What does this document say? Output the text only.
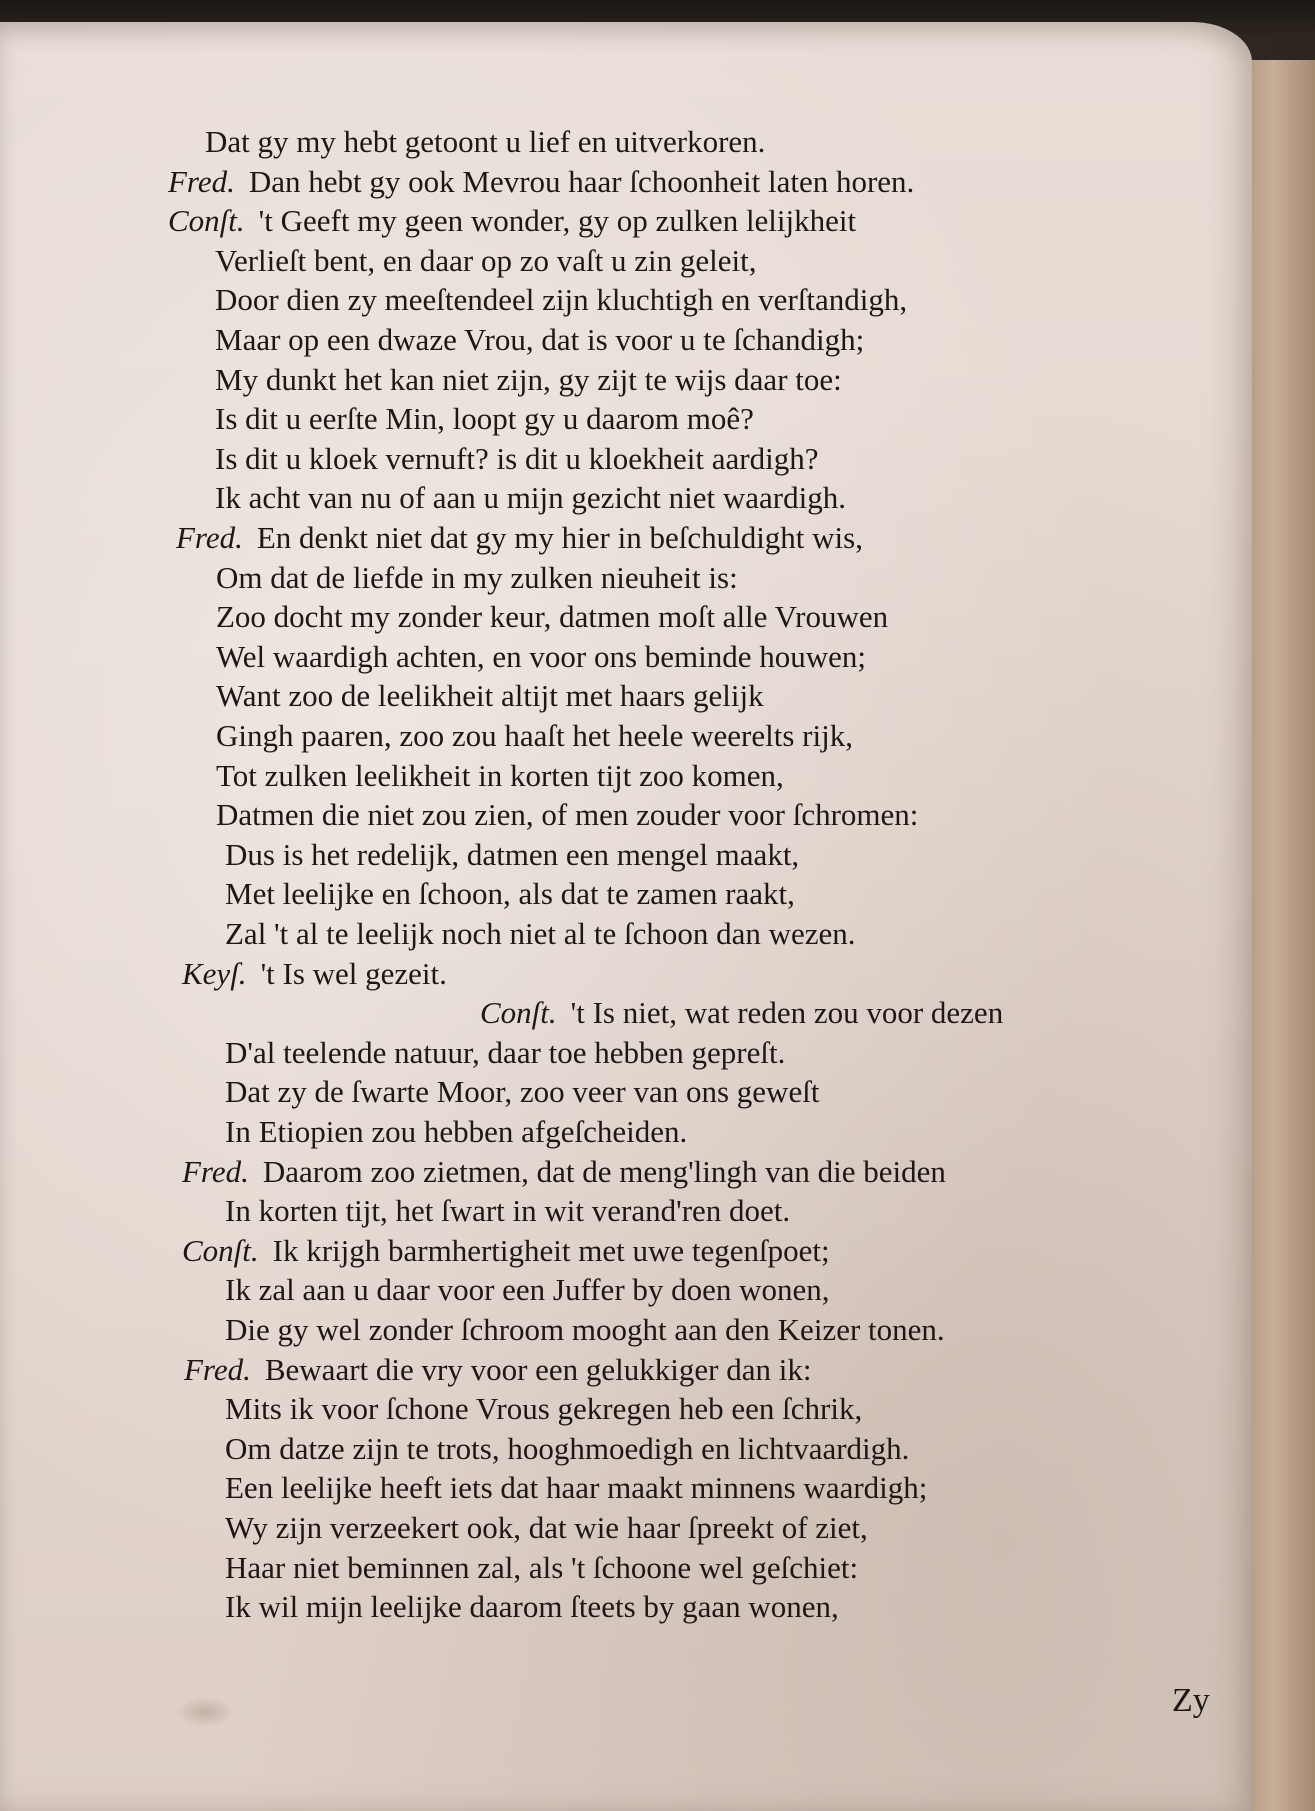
Dat gy my hebt getoont u lief en uitverkoren.
Fred. Dan hebt gy ook Mevrou haar ſchoonheit laten horen.
Conſt. 't Geeft my geen wonder, gy op zulken lelijkheit
Verlieſt bent, en daar op zo vaſt u zin geleit,
Door dien zy meeſtendeel zijn kluchtigh en verſtandigh,
Maar op een dwaze Vrou, dat is voor u te ſchandigh;
My dunkt het kan niet zijn, gy zijt te wijs daar toe:
Is dit u eerſte Min, loopt gy u daarom moê?
Is dit u kloek vernuft? is dit u kloekheit aardigh?
Ik acht van nu of aan u mijn gezicht niet waardigh.
Fred. En denkt niet dat gy my hier in beſchuldight wis,
Om dat de liefde in my zulken nieuheit is:
Zoo docht my zonder keur, datmen moſt alle Vrouwen
Wel waardigh achten, en voor ons beminde houwen;
Want zoo de leelikheit altijt met haars gelijk
Gingh paaren, zoo zou haaſt het heele weerelts rijk,
Tot zulken leelikheit in korten tijt zoo komen,
Datmen die niet zou zien, of men zouder voor ſchromen:
Dus is het redelijk, datmen een mengel maakt,
Met leelijke en ſchoon, als dat te zamen raakt,
Zal 't al te leelijk noch niet al te ſchoon dan wezen.
Keyſ. 't Is wel gezeit.
Conſt. 't Is niet, wat reden zou voor dezen
D'al teelende natuur, daar toe hebben gepreſt.
Dat zy de ſwarte Moor, zoo veer van ons geweſt
In Etiopien zou hebben afgeſcheiden.
Fred. Daarom zoo zietmen, dat de meng'lingh van die beiden
In korten tijt, het ſwart in wit verand'ren doet.
Conſt. Ik krijgh barmhertigheit met uwe tegenſpoet;
Ik zal aan u daar voor een Juffer by doen wonen,
Die gy wel zonder ſchroom mooght aan den Keizer tonen.
Fred. Bewaart die vry voor een gelukkiger dan ik:
Mits ik voor ſchone Vrous gekregen heb een ſchrik,
Om datze zijn te trots, hooghmoedigh en lichtvaardigh.
Een leelijke heeft iets dat haar maakt minnens waardigh;
Wy zijn verzeekert ook, dat wie haar ſpreekt of ziet,
Haar niet beminnen zal, als 't ſchoone wel geſchiet:
Ik wil mijn leelijke daarom ſteets by gaan wonen,
Zy
